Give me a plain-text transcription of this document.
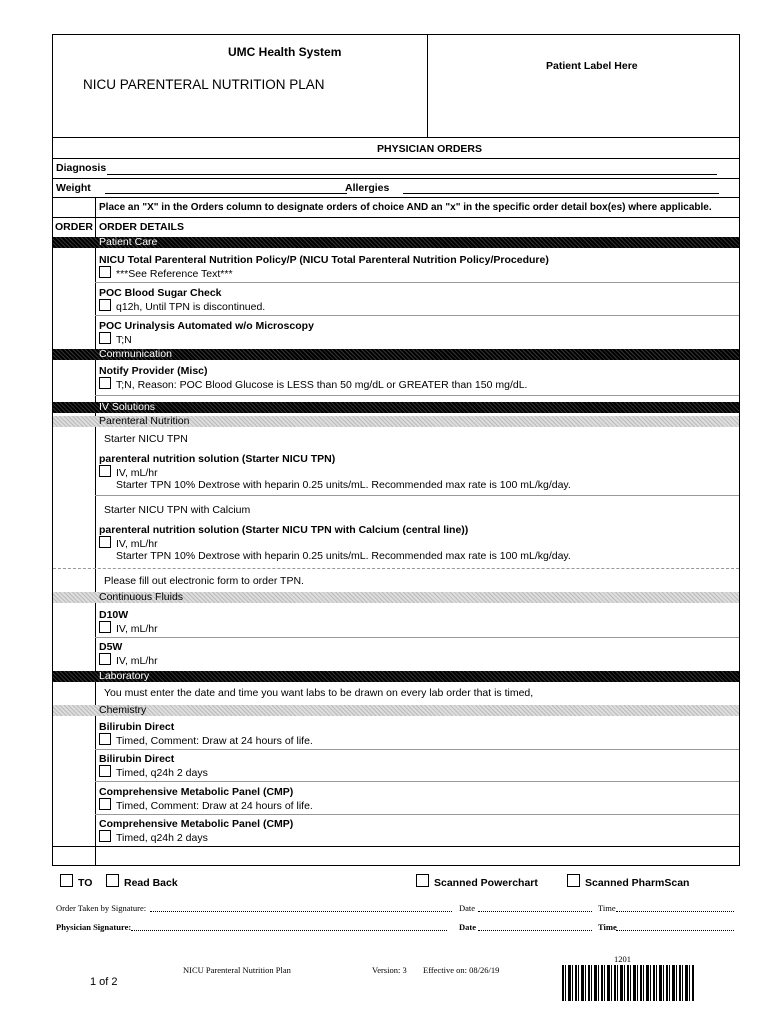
UMC Health System
NICU PARENTERAL NUTRITION PLAN
Patient Label Here
PHYSICIAN ORDERS
Diagnosis
Weight	Allergies
Place an "X" in the Orders column to designate orders of choice AND an "x" in the specific order detail box(es) where applicable.
ORDER ORDER DETAILS
Patient Care
NICU Total Parenteral Nutrition Policy/P (NICU Total Parenteral Nutrition Policy/Procedure)
***See Reference Text***
POC Blood Sugar Check
q12h, Until TPN is discontinued.
POC Urinalysis Automated w/o Microscopy
T;N
Communication
Notify Provider (Misc)
T;N, Reason: POC Blood Glucose is LESS than 50 mg/dL or GREATER than 150 mg/dL.
IV Solutions
Parenteral Nutrition
Starter NICU TPN
parenteral nutrition solution (Starter NICU TPN)
IV, mL/hr
Starter TPN 10% Dextrose with heparin 0.25 units/mL. Recommended max rate is 100 mL/kg/day.
Starter NICU TPN with Calcium
parenteral nutrition solution (Starter NICU TPN with Calcium (central line))
IV, mL/hr
Starter TPN 10% Dextrose with heparin 0.25 units/mL. Recommended max rate is 100 mL/kg/day.
Please fill out electronic form to order TPN.
Continuous Fluids
D10W
IV, mL/hr
D5W
IV, mL/hr
Laboratory
You must enter the date and time you want labs to be drawn on every lab order that is timed,
Chemistry
Bilirubin Direct
Timed, Comment: Draw at 24 hours of life.
Bilirubin Direct
Timed, q24h 2 days
Comprehensive Metabolic Panel (CMP)
Timed, Comment: Draw at 24 hours of life.
Comprehensive Metabolic Panel (CMP)
Timed, q24h 2 days
TO	Read Back	Scanned Powerchart	Scanned PharmScan
Order Taken by Signature:	Date	Time
Physician Signature:	Date	Time
NICU Parenteral Nutrition Plan	Version: 3 Effective on: 08/26/19
1 of 2
1201
